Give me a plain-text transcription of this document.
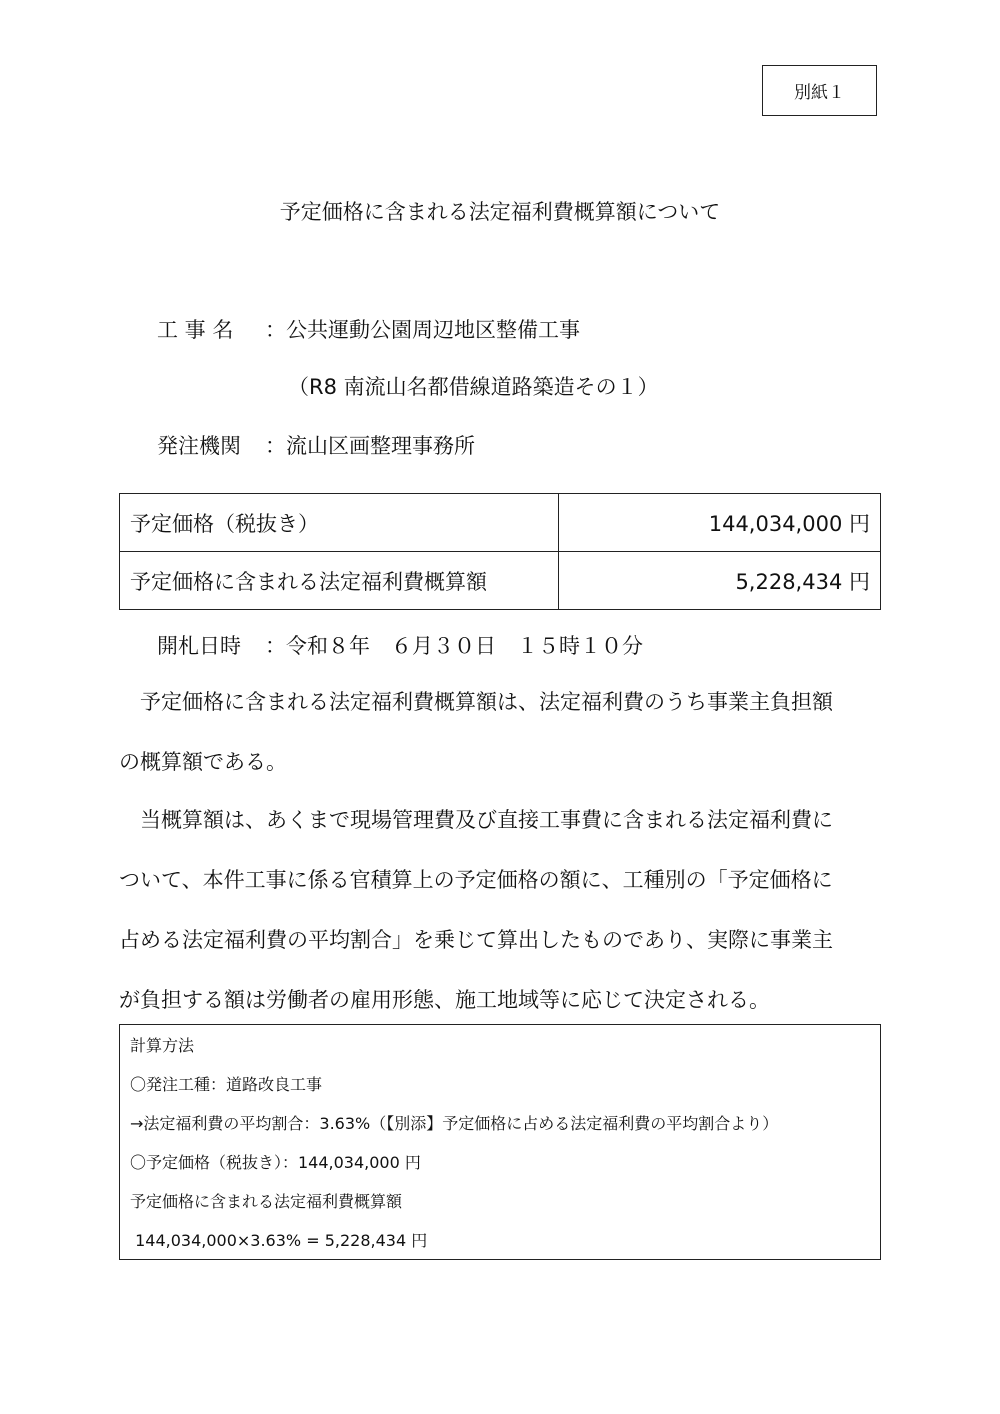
別紙１
予定価格に含まれる法定福利費概算額について
工 事 名 ：公共運動公園周辺地区整備工事
（R8 南流山名都借線道路築造その１）
発注機関 ：流山区画整理事務所
予定価格（税抜き）	144,034,000 円
予定価格に含まれる法定福利費概算額	5,228,434 円
開札日時 ：令和８年　６月３０日　１５時１０分
　予定価格に含まれる法定福利費概算額は、法定福利費のうち事業主負担額
の概算額である。
　当概算額は、あくまで現場管理費及び直接工事費に含まれる法定福利費に
ついて、本件工事に係る官積算上の予定価格の額に、工種別の「予定価格に
占める法定福利費の平均割合」を乗じて算出したものであり、実際に事業主
が負担する額は労働者の雇用形態、施工地域等に応じて決定される。
計算方法
〇発注工種：道路改良工事
→法定福利費の平均割合：3.63%（【別添】予定価格に占める法定福利費の平均割合より）
〇予定価格（税抜き）：144,034,000 円
予定価格に含まれる法定福利費概算額
144,034,000×3.63% = 5,228,434 円
